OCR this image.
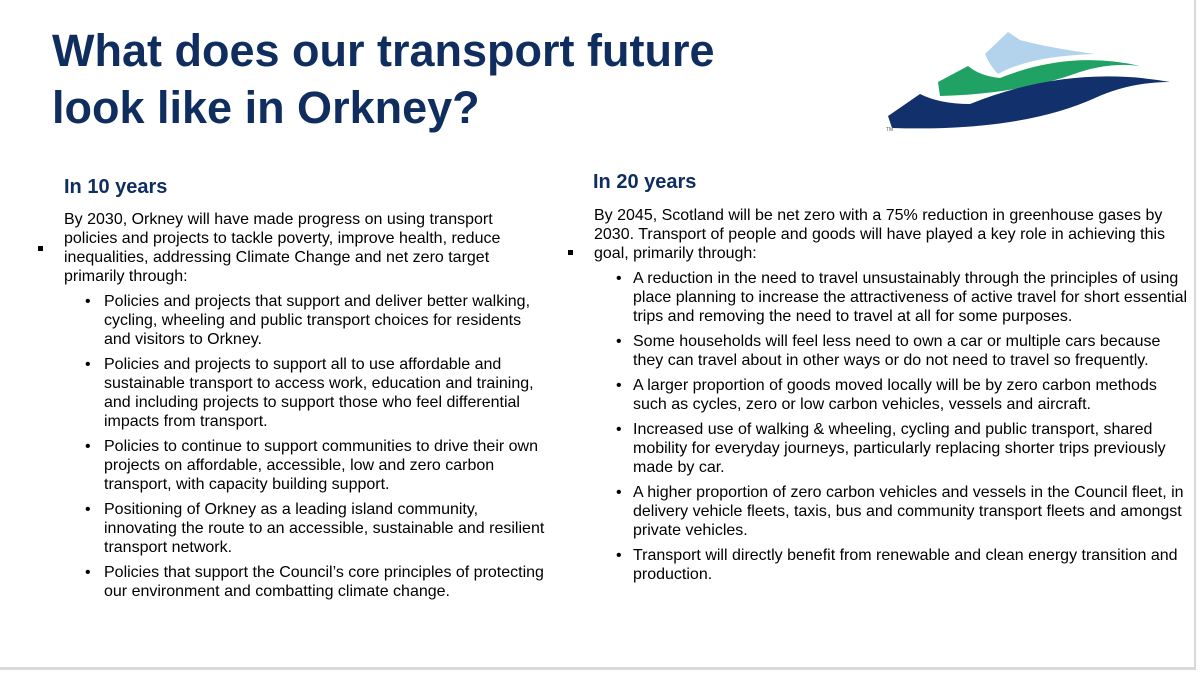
What does our transport future look like in Orkney?	TM
In 10 years
By 2030, Orkney will have made progress on using transport policies and projects to tackle poverty, improve health, reduce inequalities, addressing Climate Change and net zero target primarily through:
• Policies and projects that support and deliver better walking, cycling, wheeling and public transport choices for residents and visitors to Orkney.
• Policies and projects to support all to use affordable and sustainable transport to access work, education and training, and including projects to support those who feel differential impacts from transport.
• Policies to continue to support communities to drive their own projects on affordable, accessible, low and zero carbon transport, with capacity building support.
• Positioning of Orkney as a leading island community, innovating the route to an accessible, sustainable and resilient transport network.
• Policies that support the Council’s core principles of protecting our environment and combatting climate change.
In 20 years
By 2045, Scotland will be net zero with a 75% reduction in greenhouse gases by 2030. Transport of people and goods will have played a key role in achieving this goal, primarily through:
• A reduction in the need to travel unsustainably through the principles of using place planning to increase the attractiveness of active travel for short essential trips and removing the need to travel at all for some purposes.
• Some households will feel less need to own a car or multiple cars because they can travel about in other ways or do not need to travel so frequently.
• A larger proportion of goods moved locally will be by zero carbon methods such as cycles, zero or low carbon vehicles, vessels and aircraft.
• Increased use of walking & wheeling, cycling and public transport, shared mobility for everyday journeys, particularly replacing shorter trips previously made by car.
• A higher proportion of zero carbon vehicles and vessels in the Council fleet, in delivery vehicle fleets, taxis, bus and community transport fleets and amongst private vehicles.
• Transport will directly benefit from renewable and clean energy transition and production.
